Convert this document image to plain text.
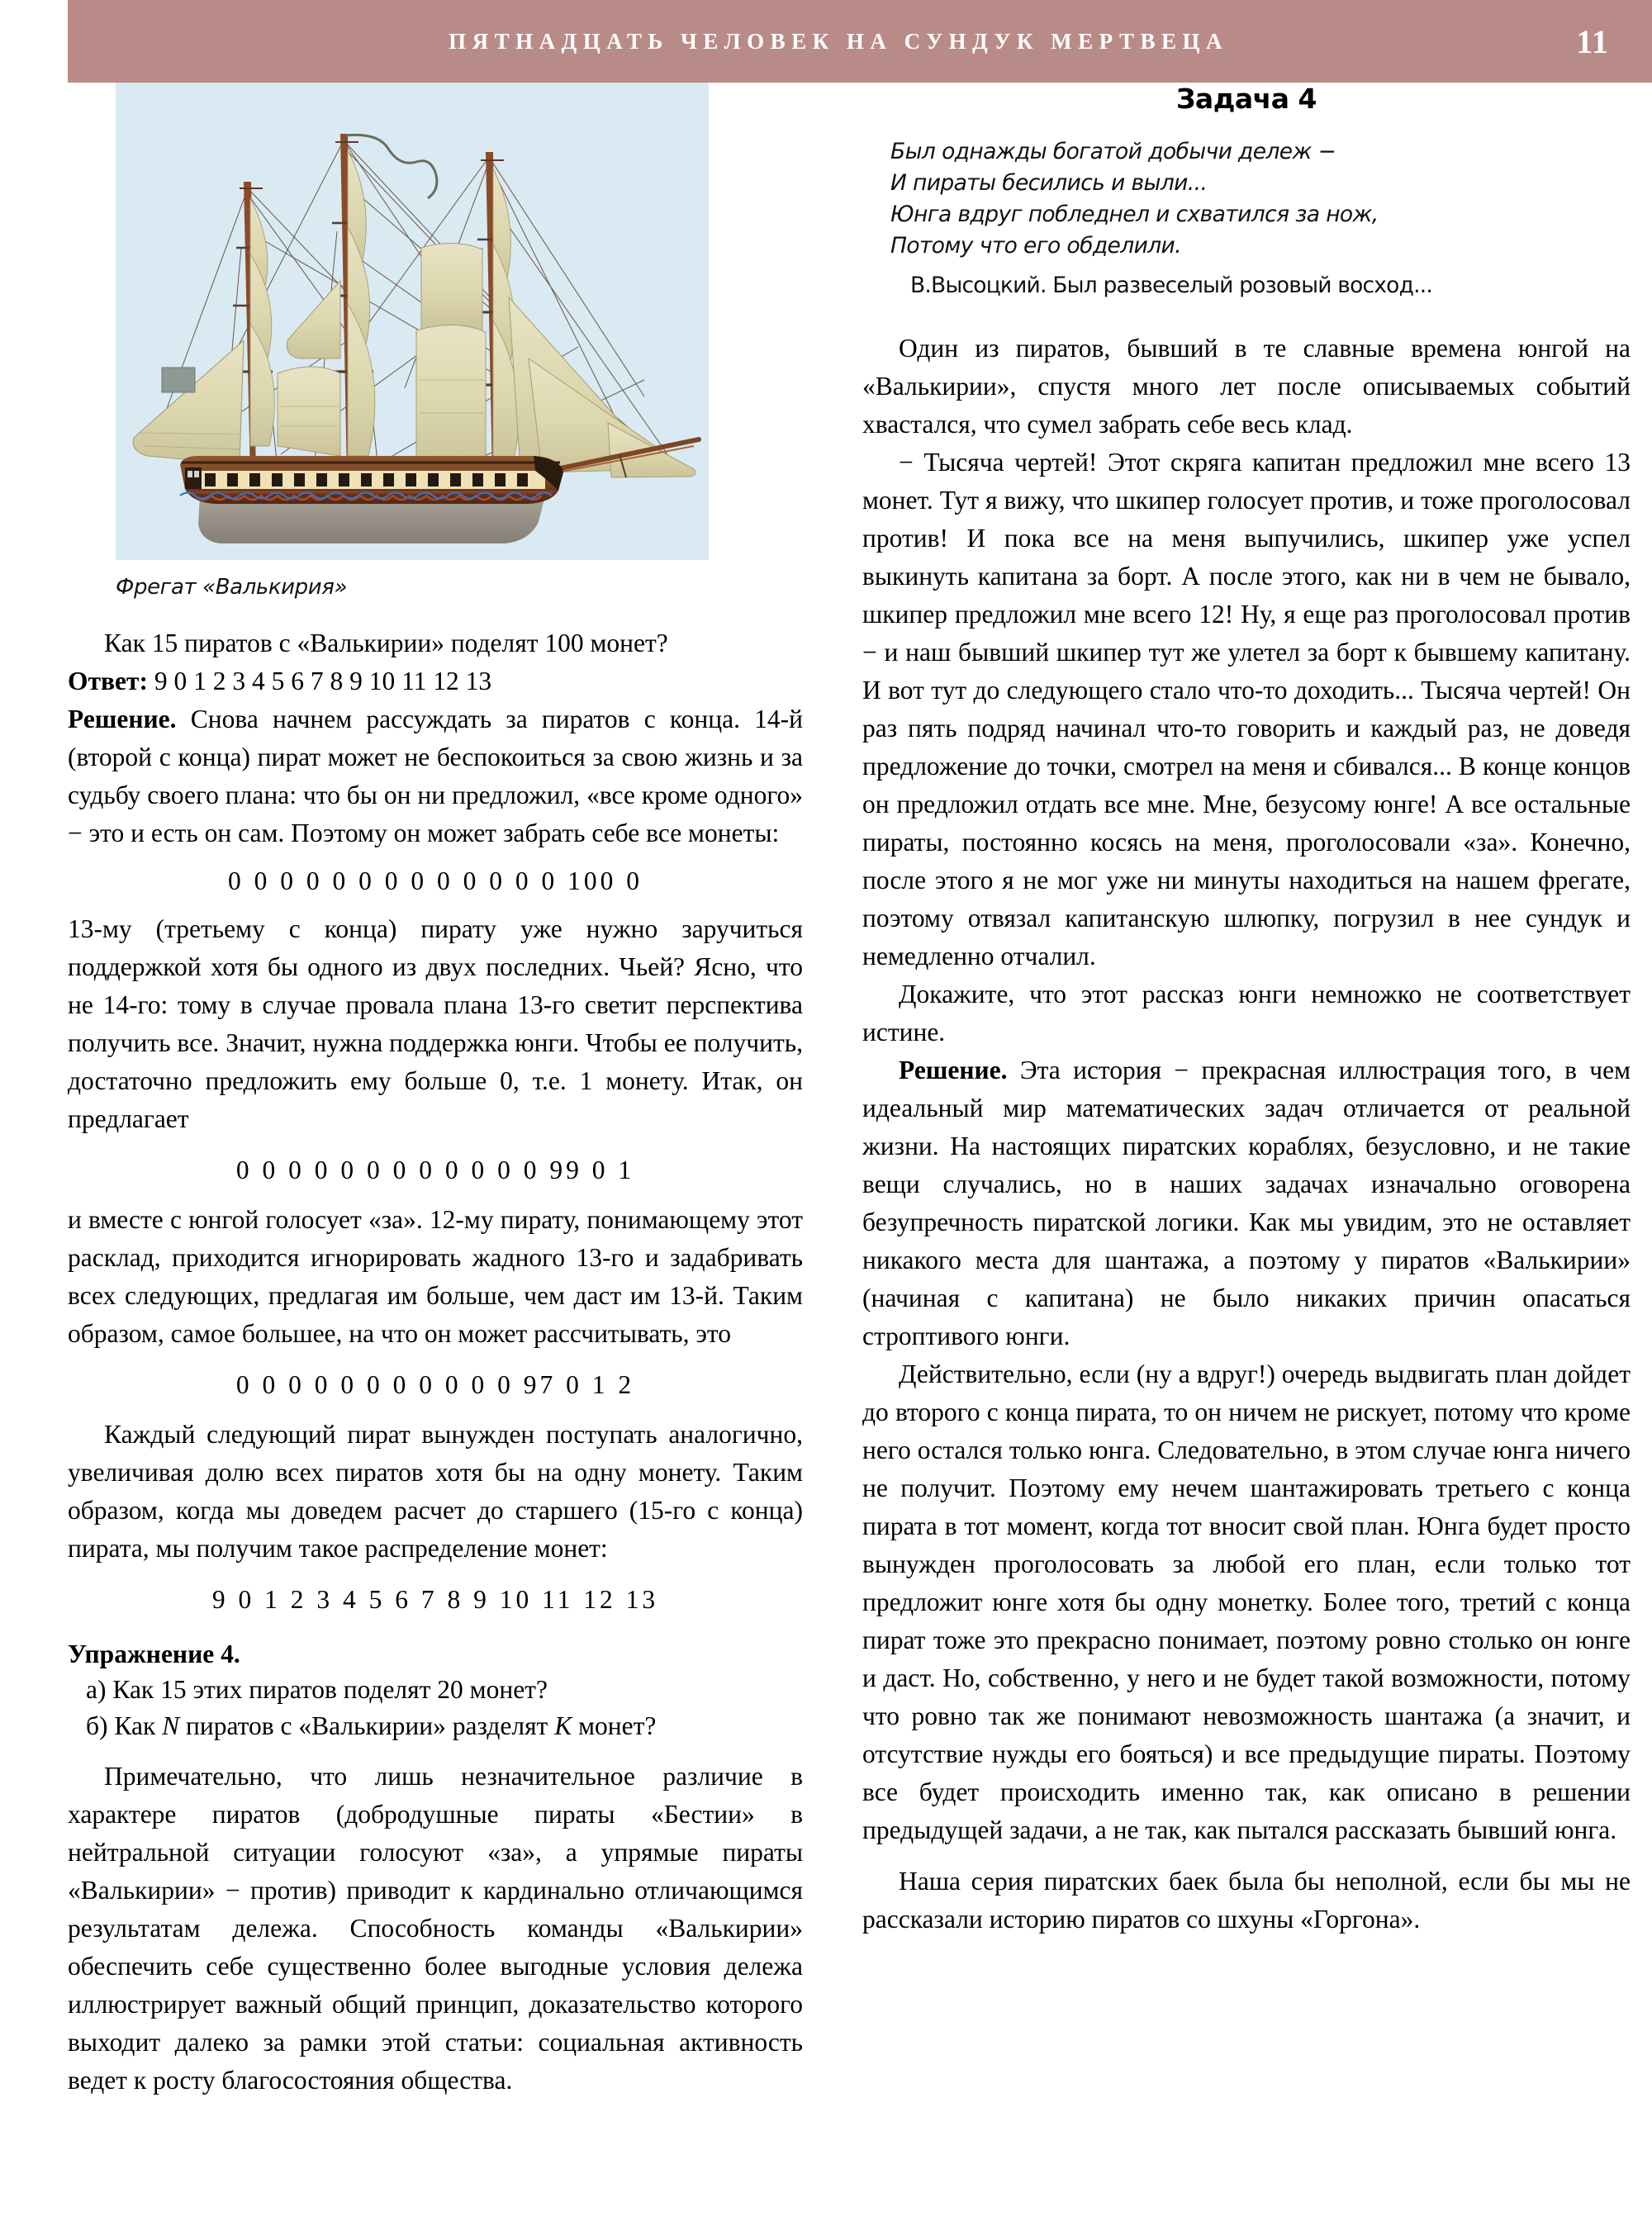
ПЯТНАДЦАТЬ ЧЕЛОВЕК НА СУНДУК МЕРТВЕЦА	11
Фрегат «Валькирия»

Как 15 пиратов с «Валькирии» поделят 100 монет?

Ответ: 9 0 1 2 3 4 5 6 7 8 9 10 11 12 13

Решение. Снова начнем рассуждать за пиратов с конца. 14-й (второй с конца) пират может не беспокоиться за свою жизнь и за судьбу своего плана: что бы он ни предложил, «все кроме одного» − это и есть он сам. Поэтому он может забрать себе все монеты:

0 0 0 0 0 0 0 0 0 0 0 0 0 100 0

13-му (третьему с конца) пирату уже нужно заручиться поддержкой хотя бы одного из двух последних. Чьей? Ясно, что не 14-го: тому в случае провала плана 13-го светит перспектива получить все. Значит, нужна поддержка юнги. Чтобы ее получить, достаточно предложить ему больше 0, т.е. 1 монету. Итак, он предлагает

0 0 0 0 0 0 0 0 0 0 0 0 99 0 1

и вместе с юнгой голосует «за». 12-му пирату, понимающему этот расклад, приходится игнорировать жадного 13-го и задабривать всех следующих, предлагая им больше, чем даст им 13-й. Таким образом, самое большее, на что он может рассчитывать, это

0 0 0 0 0 0 0 0 0 0 0 97 0 1 2

Каждый следующий пират вынужден поступать аналогично, увеличивая долю всех пиратов хотя бы на одну монету. Таким образом, когда мы доведем расчет до старшего (15-го с конца) пирата, мы получим такое распределение монет:

9 0 1 2 3 4 5 6 7 8 9 10 11 12 13
Упражнение 4.

а) Как 15 этих пиратов поделят 20 монет?

б) Как N пиратов с «Валькирии» разделят K монет?

Примечательно, что лишь незначительное различие в характере пиратов (добродушные пираты «Бестии» в нейтральной ситуации голосуют «за», а упрямые пираты «Валькирии» − против) приводит к кардинально отличающимся результатам дележа. Способность команды «Валькирии» обеспечить себе существенно более выгодные условия дележа иллюстрирует важный общий принцип, доказательство которого выходит далеко за рамки этой статьи: социальная активность ведет к росту благосостояния общества.

Задача 4
Был однажды богатой добычи дележ −
И пираты бесились и выли...
Юнга вдруг побледнел и схватился за нож,
Потому что его обделили.
В.Высоцкий. Был развеселый розовый восход...

Один из пиратов, бывший в те славные времена юнгой на «Валькирии», спустя много лет после описываемых событий хвастался, что сумел забрать себе весь клад.

− Тысяча чертей! Этот скряга капитан предложил мне всего 13 монет. Тут я вижу, что шкипер голосует против, и тоже проголосовал против! И пока все на меня выпучились, шкипер уже успел выкинуть капитана за борт. А после этого, как ни в чем не бывало, шкипер предложил мне всего 12! Ну, я еще раз проголосовал против − и наш бывший шкипер тут же улетел за борт к бывшему капитану. И вот тут до следующего стало что-то доходить... Тысяча чертей! Он раз пять подряд начинал что-то говорить и каждый раз, не доведя предложение до точки, смотрел на меня и сбивался... В конце концов он предложил отдать все мне. Мне, безусому юнге! А все остальные пираты, постоянно косясь на меня, проголосовали «за». Конечно, после этого я не мог уже ни минуты находиться на нашем фрегате, поэтому отвязал капитанскую шлюпку, погрузил в нее сундук и немедленно отчалил.

Докажите, что этот рассказ юнги немножко не соответствует истине.

Решение. Эта история − прекрасная иллюстрация того, в чем идеальный мир математических задач отличается от реальной жизни. На настоящих пиратских кораблях, безусловно, и не такие вещи случались, но в наших задачах изначально оговорена безупречность пиратской логики. Как мы увидим, это не оставляет никакого места для шантажа, а поэтому у пиратов «Валькирии» (начиная с капитана) не было никаких причин опасаться строптивого юнги.

Действительно, если (ну а вдруг!) очередь выдвигать план дойдет до второго с конца пирата, то он ничем не рискует, потому что кроме него остался только юнга. Следовательно, в этом случае юнга ничего не получит. Поэтому ему нечем шантажировать третьего с конца пирата в тот момент, когда тот вносит свой план. Юнга будет просто вынужден проголосовать за любой его план, если только тот предложит юнге хотя бы одну монетку. Более того, третий с конца пират тоже это прекрасно понимает, поэтому ровно столько он юнге и даст. Но, собственно, у него и не будет такой возможности, потому что ровно так же понимают невозможность шантажа (а значит, и отсутствие нужды его бояться) и все предыдущие пираты. Поэтому все будет происходить именно так, как описано в решении предыдущей задачи, а не так, как пытался рассказать бывший юнга.

Наша серия пиратских баек была бы неполной, если бы мы не рассказали историю пиратов со шхуны «Горгона».
